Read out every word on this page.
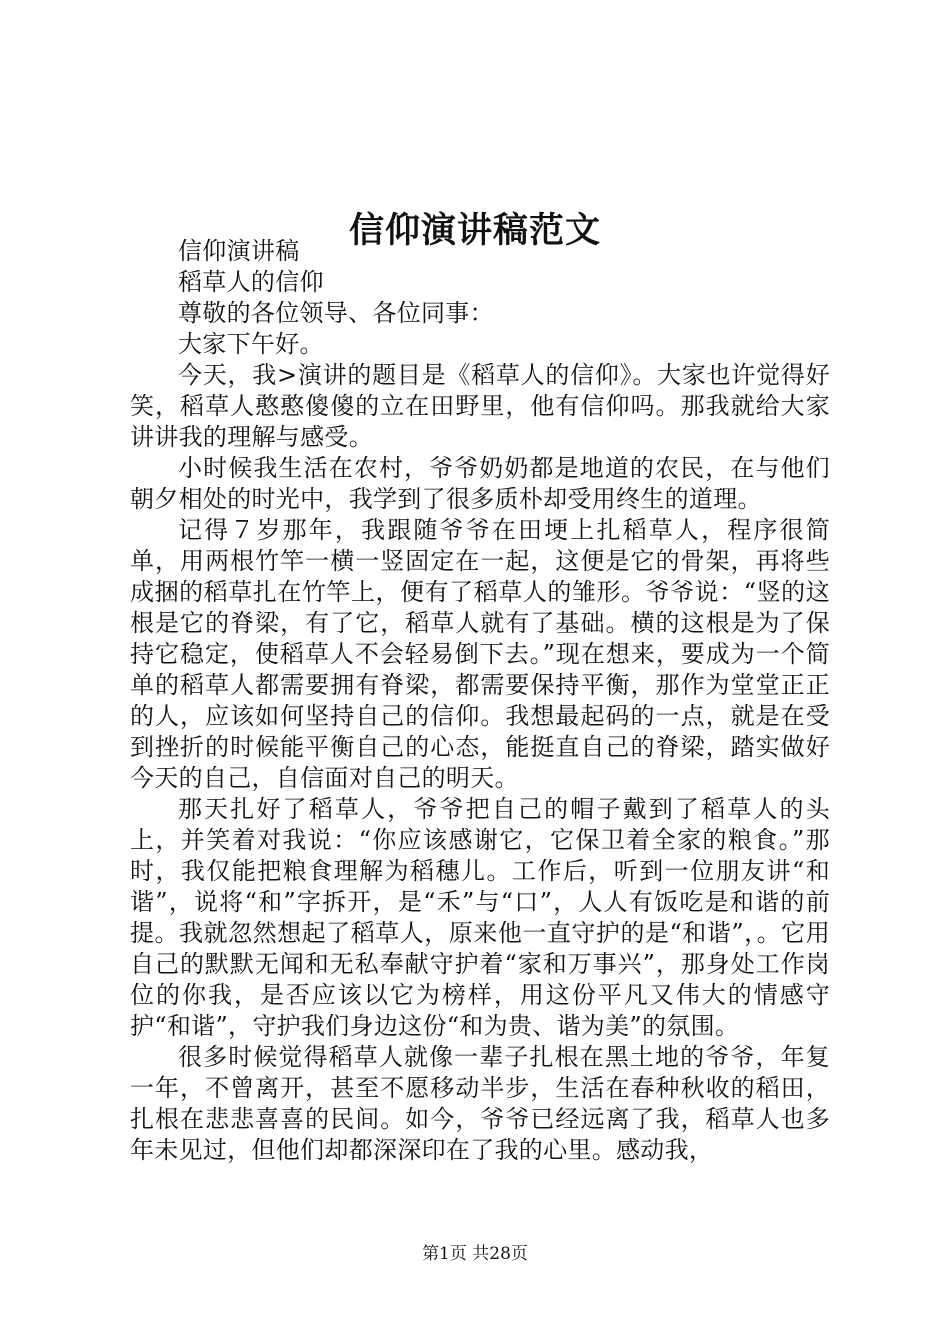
信仰演讲稿范文

信仰演讲稿

稻草人的信仰

尊敬的各位领导、各位同事：

大家下午好。

今天，我>演讲的题目是《稻草人的信仰》。大家也许觉得好笑，稻草人憨憨傻傻的立在田野里，他有信仰吗。那我就给大家讲讲我的理解与感受。

小时候我生活在农村，爷爷奶奶都是地道的农民，在与他们朝夕相处的时光中，我学到了很多质朴却受用终生的道理。

记得７岁那年，我跟随爷爷在田埂上扎稻草人，程序很简单，用两根竹竿一横一竖固定在一起，这便是它的骨架，再将些成捆的稻草扎在竹竿上，便有了稻草人的雏形。爷爷说：“竖的这根是它的脊梁，有了它，稻草人就有了基础。横的这根是为了保持它稳定，使稻草人不会轻易倒下去。”现在想来，要成为一个简单的稻草人都需要拥有脊梁，都需要保持平衡，那作为堂堂正正的人，应该如何坚持自己的信仰。我想最起码的一点，就是在受到挫折的时候能平衡自己的心态，能挺直自己的脊梁，踏实做好今天的自己，自信面对自己的明天。

那天扎好了稻草人，爷爷把自己的帽子戴到了稻草人的头上，并笑着对我说：“你应该感谢它，它保卫着全家的粮食。”那时，我仅能把粮食理解为稻穗儿。工作后，听到一位朋友讲“和谐”，说将“和”字拆开，是“禾”与“口”，人人有饭吃是和谐的前提。我就忽然想起了稻草人，原来他一直守护的是“和谐”，。它用自己的默默无闻和无私奉献守护着“家和万事兴”，那身处工作岗位的你我，是否应该以它为榜样，用这份平凡又伟大的情感守护“和谐”，守护我们身边这份“和为贵、谐为美”的氛围。

很多时候觉得稻草人就像一辈子扎根在黑土地的爷爷，年复一年，不曾离开，甚至不愿移动半步，生活在春种秋收的稻田，扎根在悲悲喜喜的民间。如今，爷爷已经远离了我，稻草人也多年未见过，但他们却都深深印在了我的心里。感动我，

第1页 共28页
